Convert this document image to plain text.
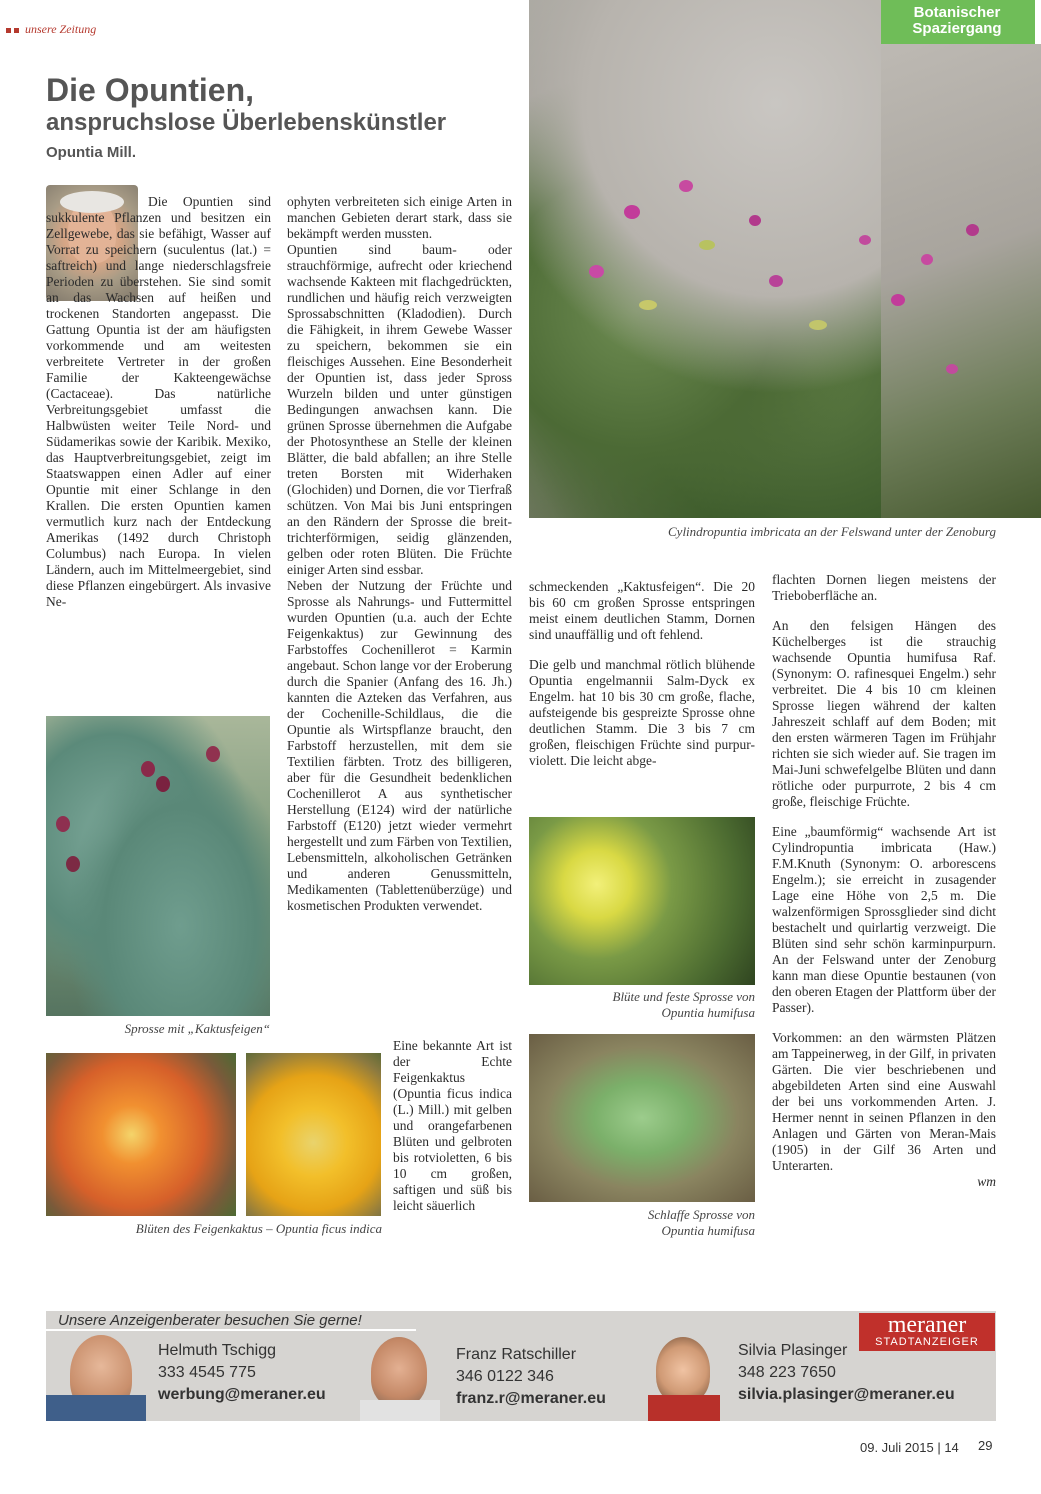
unsere Zeitung
Botanischer
Spaziergang
Die Opuntien,
anspruchslose Überlebenskünstler
Opuntia Mill.
Cylindropuntia imbricata an der Felswand unter der Zenoburg

Die Opuntien sind sukkulente Pflanzen und besitzen ein Zellgewebe, das sie befähigt, Wasser auf Vorrat zu speichern (suculentus (lat.) = saftreich) und lange niederschlagsfreie Perioden zu überstehen. Sie sind somit an das Wachsen auf heißen und trockenen Standorten angepasst. Die Gattung Opuntia ist der am häufigsten vorkommende und am weitesten verbreitete Vertreter in der großen Familie der Kakteengewächse (Cactaceae). Das natürliche Verbreitungsgebiet umfasst die Halbwüsten weiter Teile Nord- und Südamerikas sowie der Karibik. Mexiko, das Hauptverbreitungsgebiet, zeigt im Staatswappen einen Adler auf einer Opuntie mit einer Schlange in den Krallen. Die ersten Opuntien kamen vermutlich kurz nach der Entdeckung Amerikas (1492 durch Christoph Columbus) nach Europa. In vielen Ländern, auch im Mittelmeergebiet, sind diese Pflanzen eingebürgert. Als invasive Ne-

Sprosse mit „Kaktusfeigen“
Blüten des Feigenkaktus – Opuntia ficus indica

ophyten verbreiteten sich einige Arten in manchen Gebieten derart stark, dass sie bekämpft werden mussten.

Opuntien sind baum- oder strauchförmige, aufrecht oder kriechend wachsende Kakteen mit flachgedrückten, rundlichen und häufig reich verzweigten Sprossabschnitten (Kladodien). Durch die Fähigkeit, in ihrem Gewebe Wasser zu speichern, bekommen sie ein fleischiges Aussehen. Eine Besonderheit der Opuntien ist, dass jeder Spross Wurzeln bilden und unter günstigen Bedingungen anwachsen kann. Die grünen Sprosse übernehmen die Aufgabe der Photosynthese an Stelle der kleinen Blätter, die bald abfallen; an ihre Stelle treten Borsten mit Widerhaken (Glochiden) und Dornen, die vor Tierfraß schützen. Von Mai bis Juni entspringen an den Rändern der Sprosse die breit-trichterförmigen, seidig glänzenden, gelben oder roten Blüten. Die Früchte einiger Arten sind essbar.

Neben der Nutzung der Früchte und Sprosse als Nahrungs- und Futtermittel wurden Opuntien (u.a. auch der Echte Feigenkaktus) zur Gewinnung des Farbstoffes Cochenillerot = Karmin angebaut. Schon lange vor der Eroberung durch die Spanier (Anfang des 16. Jh.) kannten die Azteken das Verfahren, aus der Cochenille-Schildlaus, die die Opuntie als Wirtspflanze braucht, den Farbstoff herzustellen, mit dem sie Textilien färbten. Trotz des billigeren, aber für die Gesundheit bedenklichen Cochenillerot A aus synthetischer Herstellung (E124) wird der natürliche Farbstoff (E120) jetzt wieder vermehrt hergestellt und zum Färben von Textilien, Lebensmitteln, alkoholischen Getränken und anderen Genussmitteln, Medikamenten (Tablettenüberzüge) und kosmetischen Produkten verwendet.

Eine bekannte Art ist der Echte Feigenkaktus (Opuntia ficus indica (L.) Mill.) mit gelben und orangefarbenen Blüten und gelbroten bis rotvioletten, 6 bis 10 cm großen, saftigen und süß bis leicht säuerlich

schmeckenden „Kaktusfeigen“. Die 20 bis 60 cm großen Sprosse entspringen meist einem deutlichen Stamm, Dornen sind unauffällig und oft fehlend.

Die gelb und manchmal rötlich blühende Opuntia engelmannii Salm-Dyck ex Engelm. hat 10 bis 30 cm große, flache, aufsteigende bis gespreizte Sprosse ohne deutlichen Stamm. Die 3 bis 7 cm großen, fleischigen Früchte sind purpur-violett. Die leicht abge-

Blüte und feste Sprosse von
Opuntia humifusa
Schlaffe Sprosse von
Opuntia humifusa

flachten Dornen liegen meistens der Trieboberfläche an.

An den felsigen Hängen des Küchelberges ist die strauchig wachsende Opuntia humifusa Raf. (Synonym: O. rafinesquei Engelm.) sehr verbreitet. Die 4 bis 10 cm kleinen Sprosse liegen während der kalten Jahreszeit schlaff auf dem Boden; mit den ersten wärmeren Tagen im Frühjahr richten sie sich wieder auf. Sie tragen im Mai-Juni schwefelgelbe Blüten und dann rötliche oder purpurrote, 2 bis 4 cm große, fleischige Früchte.

Eine „baumförmig“ wachsende Art ist Cylindropuntia imbricata (Haw.) F.M.Knuth (Synonym: O. arborescens Engelm.); sie erreicht in zusagender Lage eine Höhe von 2,5 m. Die walzenförmigen Sprossglieder sind dicht bestachelt und quirlartig verzweigt. Die Blüten sind sehr schön karminpurpurn. An der Felswand unter der Zenoburg kann man diese Opuntie bestaunen (von den oberen Etagen der Plattform über der Passer).

Vorkommen: an den wärmsten Plätzen am Tappeinerweg, in der Gilf, in privaten Gärten. Die vier beschriebenen und abgebildeten Arten sind eine Auswahl der bei uns vorkommenden Arten. J. Hermer nennt in seinen Pflanzen in den Anlagen und Gärten von Meran-Mais (1905) in der Gilf 36 Arten und Unterarten.

wm

Unsere Anzeigenberater besuchen Sie gerne!	meraner
STADTANZEIGER
Helmuth Tschigg
333 4545 775
werbung@meraner.eu
Franz Ratschiller
346 0122 346
franz.r@meraner.eu
Silvia Plasinger
348 223 7650
silvia.plasinger@meraner.eu
09. Juli 2015 | 14 29
